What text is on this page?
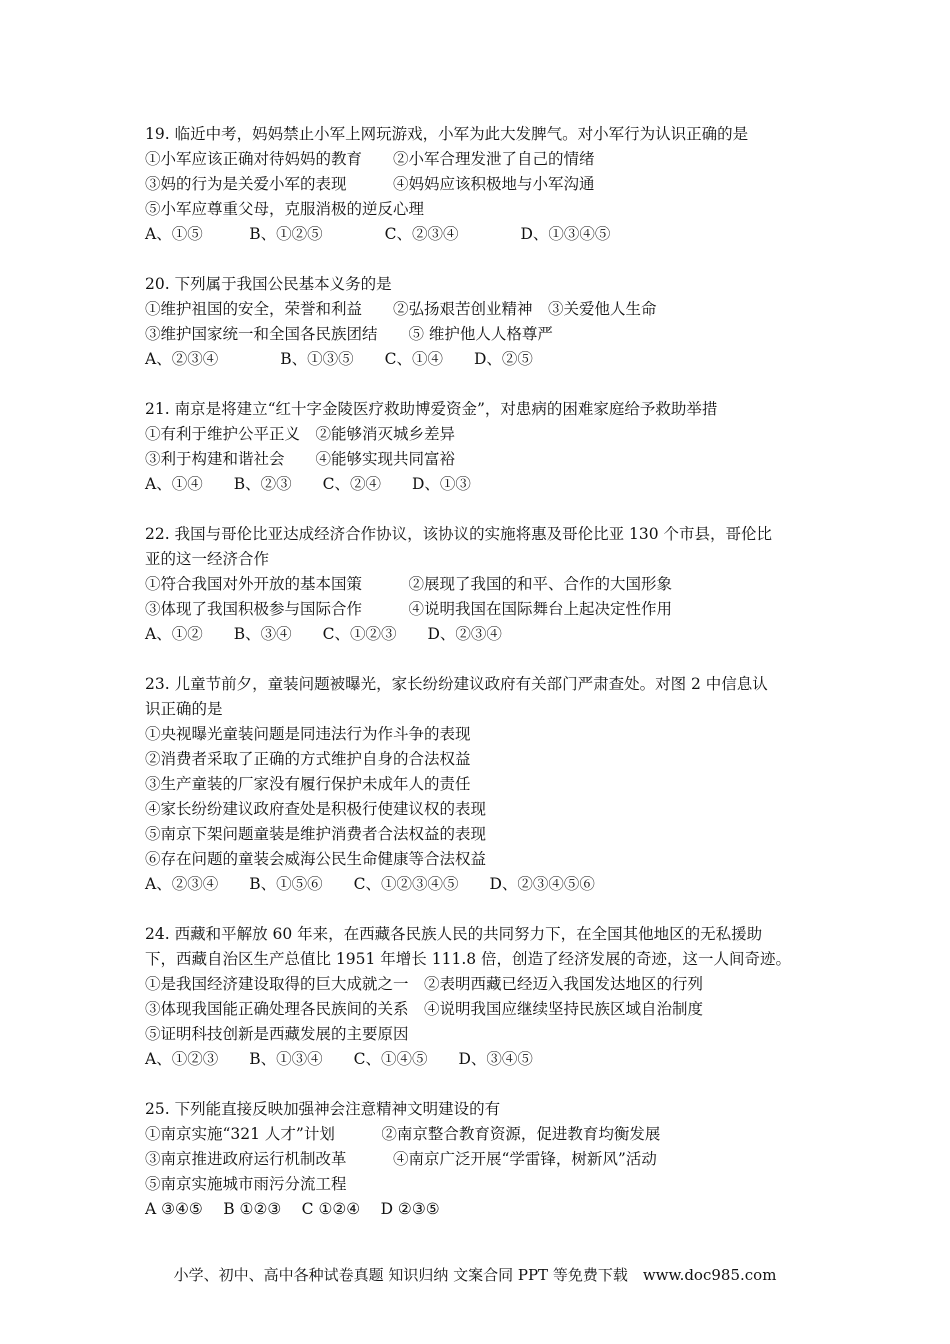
19. 临近中考，妈妈禁止小军上网玩游戏，小军为此大发脾气。对小军行为认识正确的是
①小军应该正确对待妈妈的教育　　②小军合理发泄了自己的情绪
③妈的行为是关爱小军的表现　　　④妈妈应该积极地与小军沟通
⑤小军应尊重父母，克服消极的逆反心理
A、①⑤　　　B、①②⑤　　　　C、②③④　　　　D、①③④⑤
20. 下列属于我国公民基本义务的是
①维护祖国的安全，荣誉和利益　　②弘扬艰苦创业精神　③关爱他人生命
③维护国家统一和全国各民族团结　　⑤ 维护他人人格尊严
A、②③④　　　　B、①③⑤　　C、①④　　D、②⑤
21. 南京是将建立“红十字金陵医疗救助博爱资金”，对患病的困难家庭给予救助举措
①有利于维护公平正义　②能够消灭城乡差异
③利于构建和谐社会　　④能够实现共同富裕
A、①④　　B、②③　　C、②④　　D、①③
22. 我国与哥伦比亚达成经济合作协议，该协议的实施将惠及哥伦比亚 130 个市县，哥伦比
亚的这一经济合作
①符合我国对外开放的基本国策　　　②展现了我国的和平、合作的大国形象
③体现了我国积极参与国际合作　　　④说明我国在国际舞台上起决定性作用
A、①②　　B、③④　　C、①②③　　D、②③④
23. 儿童节前夕，童装问题被曝光，家长纷纷建议政府有关部门严肃查处。对图 2 中信息认
识正确的是
①央视曝光童装问题是同违法行为作斗争的表现
②消费者采取了正确的方式维护自身的合法权益
③生产童装的厂家没有履行保护未成年人的责任
④家长纷纷建议政府查处是积极行使建议权的表现
⑤南京下架问题童装是维护消费者合法权益的表现
⑥存在问题的童装会威海公民生命健康等合法权益
A、②③④　　B、①⑤⑥　　C、①②③④⑤　　D、②③④⑤⑥
24. 西藏和平解放 60 年来，在西藏各民族人民的共同努力下，在全国其他地区的无私援助
下，西藏自治区生产总值比 1951 年增长 111.8 倍，创造了经济发展的奇迹，这一人间奇迹。
①是我国经济建设取得的巨大成就之一　②表明西藏已经迈入我国发达地区的行列
③体现我国能正确处理各民族间的关系　④说明我国应继续坚持民族区域自治制度
⑤证明科技创新是西藏发展的主要原因
A、①②③　　B、①③④　　C、①④⑤　　D、③④⑤
25. 下列能直接反映加强神会注意精神文明建设的有
①南京实施“321 人才”计划　　　②南京整合教育资源，促进教育均衡发展
③南京推进政府运行机制改革　　　④南京广泛开展“学雷锋，树新风”活动
⑤南京实施城市雨污分流工程
A ③④⑤　 B ①②③　 C ①②④　 D ②③⑤
小学、初中、高中各种试卷真题 知识归纳 文案合同 PPT 等免费下载　www.doc985.com
